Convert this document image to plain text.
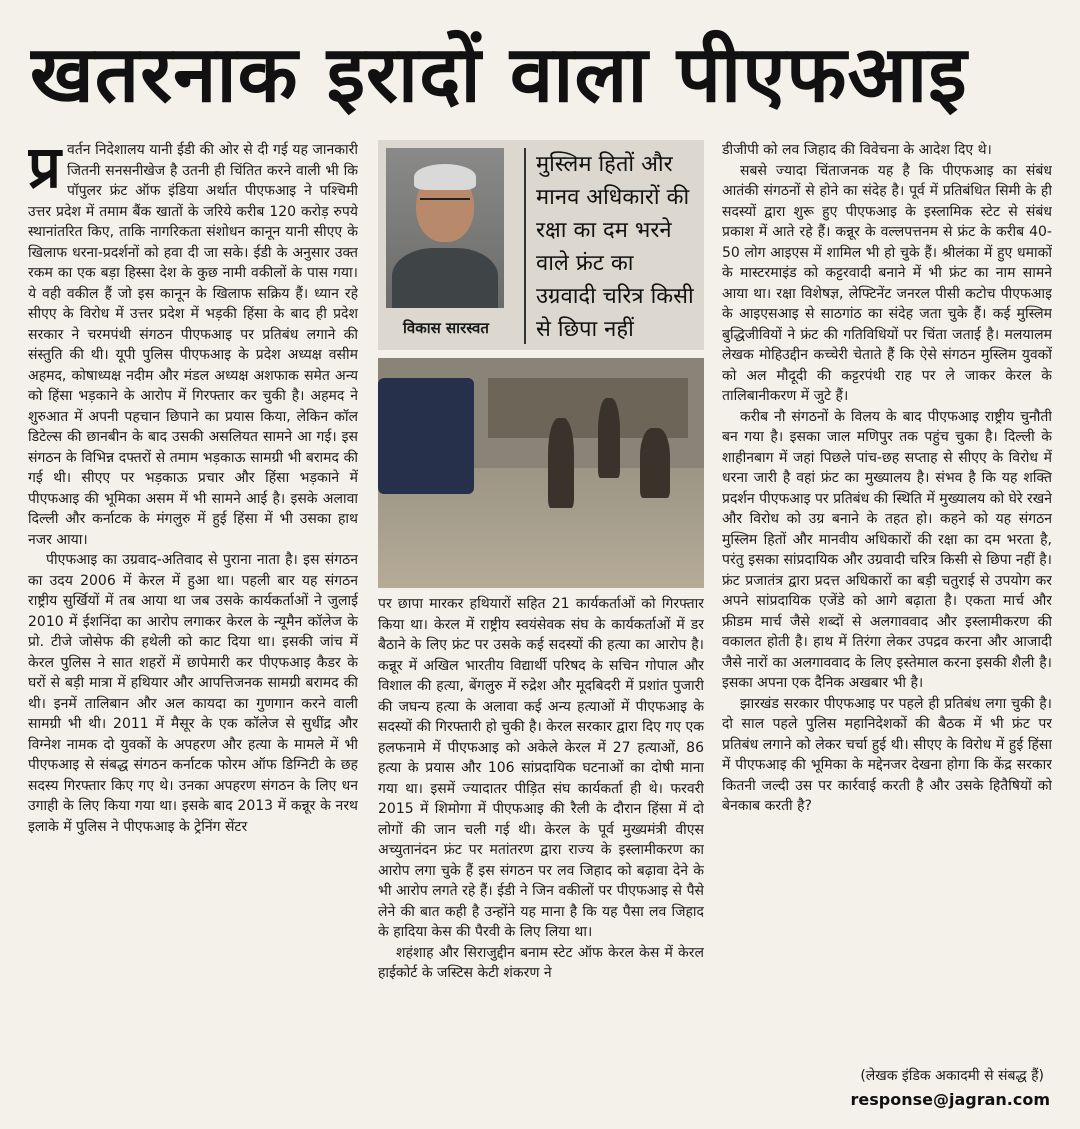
खतरनाक इरादों वाला पीएफआइ

प्र वर्तन निदेशालय यानी ईडी की ओर से दी गई यह जानकारी जितनी सनसनीखेज है उतनी ही चिंतित करने वाली भी कि पॉपुलर फ्रंट ऑफ इंडिया अर्थात पीएफआइ ने पश्चिमी उत्तर प्रदेश में तमाम बैंक खातों के जरिये करीब 120 करोड़ रुपये स्थानांतरित किए, ताकि नागरिकता संशोधन कानून यानी सीएए के खिलाफ धरना-प्रदर्शनों को हवा दी जा सके। ईडी के अनुसार उक्त रकम का एक बड़ा हिस्सा देश के कुछ नामी वकीलों के पास गया। ये वही वकील हैं जो इस कानून के खिलाफ सक्रिय हैं। ध्यान रहे सीएए के विरोध में उत्तर प्रदेश में भड़की हिंसा के बाद ही प्रदेश सरकार ने चरमपंथी संगठन पीएफआइ पर प्रतिबंध लगाने की संस्तुति की थी। यूपी पुलिस पीएफआइ के प्रदेश अध्यक्ष वसीम अहमद, कोषाध्यक्ष नदीम और मंडल अध्यक्ष अशफाक समेत अन्य को हिंसा भड़काने के आरोप में गिरफ्तार कर चुकी है। अहमद ने शुरुआत में अपनी पहचान छिपाने का प्रयास किया, लेकिन कॉल डिटेल्स की छानबीन के बाद उसकी असलियत सामने आ गई। इस संगठन के विभिन्न दफ्तरों से तमाम भड़काऊ सामग्री भी बरामद की गई थी। सीएए पर भड़काऊ प्रचार और हिंसा भड़काने में पीएफआइ की भूमिका असम में भी सामने आई है। इसके अलावा दिल्ली और कर्नाटक के मंगलुरु में हुई हिंसा में भी उसका हाथ नजर आया।

पीएफआइ का उग्रवाद-अतिवाद से पुराना नाता है। इस संगठन का उदय 2006 में केरल में हुआ था। पहली बार यह संगठन राष्ट्रीय सुर्खियों में तब आया था जब उसके कार्यकर्ताओं ने जुलाई 2010 में ईशनिंदा का आरोप लगाकर केरल के न्यूमैन कॉलेज के प्रो. टीजे जोसेफ की हथेली को काट दिया था। इसकी जांच में केरल पुलिस ने सात शहरों में छापेमारी कर पीएफआइ कैडर के घरों से बड़ी मात्रा में हथियार और आपत्तिजनक सामग्री बरामद की थी। इनमें तालिबान और अल कायदा का गुणगान करने वाली सामग्री भी थी। 2011 में मैसूर के एक कॉलेज से सुधींद्र और विग्नेश नामक दो युवकों के अपहरण और हत्या के मामले में भी पीएफआइ से संबद्ध संगठन कर्नाटक फोरम ऑफ डिग्निटी के छह सदस्य गिरफ्तार किए गए थे। उनका अपहरण संगठन के लिए धन उगाही के लिए किया गया था। इसके बाद 2013 में कन्नूर के नरथ इलाके में पुलिस ने पीएफआइ के ट्रेनिंग सेंटर

विकास सारस्वत
मुस्लिम हितों और मानव अधिकारों की रक्षा का दम भरने वाले फ्रंट का उग्रवादी चरित्र किसी से छिपा नहीं

पर छापा मारकर हथियारों सहित 21 कार्यकर्ताओं को गिरफ्तार किया था। केरल में राष्ट्रीय स्वयंसेवक संघ के कार्यकर्ताओं में डर बैठाने के लिए फ्रंट पर उसके कई सदस्यों की हत्या का आरोप है। कन्नूर में अखिल भारतीय विद्यार्थी परिषद के सचिन गोपाल और विशाल की हत्या, बेंगलुरु में रुद्रेश और मूदबिदरी में प्रशांत पुजारी की जघन्य हत्या के अलावा कई अन्य हत्याओं में पीएफआइ के सदस्यों की गिरफ्तारी हो चुकी है। केरल सरकार द्वारा दिए गए एक हलफनामे में पीएफआइ को अकेले केरल में 27 हत्याओं, 86 हत्या के प्रयास और 106 सांप्रदायिक घटनाओं का दोषी माना गया था। इसमें ज्यादातर पीड़ित संघ कार्यकर्ता ही थे। फरवरी 2015 में शिमोगा में पीएफआइ की रैली के दौरान हिंसा में दो लोगों की जान चली गई थी। केरल के पूर्व मुख्यमंत्री वीएस अच्युतानंदन फ्रंट पर मतांतरण द्वारा राज्य के इस्लामीकरण का आरोप लगा चुके हैं इस संगठन पर लव जिहाद को बढ़ावा देने के भी आरोप लगते रहे हैं। ईडी ने जिन वकीलों पर पीएफआइ से पैसे लेने की बात कही है उन्होंने यह माना है कि यह पैसा लव जिहाद के हादिया केस की पैरवी के लिए लिया था।

शहंशाह और सिराजुद्दीन बनाम स्टेट ऑफ केरल केस में केरल हाईकोर्ट के जस्टिस केटी शंकरण ने

डीजीपी को लव जिहाद की विवेचना के आदेश दिए थे।

सबसे ज्यादा चिंताजनक यह है कि पीएफआइ का संबंध आतंकी संगठनों से होने का संदेह है। पूर्व में प्रतिबंधित सिमी के ही सदस्यों द्वारा शुरू हुए पीएफआइ के इस्लामिक स्टेट से संबंध प्रकाश में आते रहे हैं। कन्नूर के वल्लपत्तनम से फ्रंट के करीब 40-50 लोग आइएस में शामिल भी हो चुके हैं। श्रीलंका में हुए धमाकों के मास्टरमाइंड को कट्टरवादी बनाने में भी फ्रंट का नाम सामने आया था। रक्षा विशेषज्ञ, लेफ्टिनेंट जनरल पीसी कटोच पीएफआइ के आइएसआइ से साठगांठ का संदेह जता चुके हैं। कई मुस्लिम बुद्धिजीवियों ने फ्रंट की गतिविधियों पर चिंता जताई है। मलयालम लेखक मोहिउद्दीन कच्चेरी चेताते हैं कि ऐसे संगठन मुस्लिम युवकों को अल मौदूदी की कट्टरपंथी राह पर ले जाकर केरल के तालिबानीकरण में जुटे हैं।

करीब नौ संगठनों के विलय के बाद पीएफआइ राष्ट्रीय चुनौती बन गया है। इसका जाल मणिपुर तक पहुंच चुका है। दिल्ली के शाहीनबाग में जहां पिछले पांच-छह सप्ताह से सीएए के विरोध में धरना जारी है वहां फ्रंट का मुख्यालय है। संभव है कि यह शक्ति प्रदर्शन पीएफआइ पर प्रतिबंध की स्थिति में मुख्यालय को घेरे रखने और विरोध को उग्र बनाने के तहत हो। कहने को यह संगठन मुस्लिम हितों और मानवीय अधिकारों की रक्षा का दम भरता है, परंतु इसका सांप्रदायिक और उग्रवादी चरित्र किसी से छिपा नहीं है। फ्रंट प्रजातंत्र द्वारा प्रदत्त अधिकारों का बड़ी चतुराई से उपयोग कर अपने सांप्रदायिक एजेंडे को आगे बढ़ाता है। एकता मार्च और फ्रीडम मार्च जैसे शब्दों से अलगाववाद और इस्लामीकरण की वकालत होती है। हाथ में तिरंगा लेकर उपद्रव करना और आजादी जैसे नारों का अलगाववाद के लिए इस्तेमाल करना इसकी शैली है। इसका अपना एक दैनिक अखबार भी है।

झारखंड सरकार पीएफआइ पर पहले ही प्रतिबंध लगा चुकी है। दो साल पहले पुलिस महानिदेशकों की बैठक में भी फ्रंट पर प्रतिबंध लगाने को लेकर चर्चा हुई थी। सीएए के विरोध में हुई हिंसा में पीएफआइ की भूमिका के मद्देनजर देखना होगा कि केंद्र सरकार कितनी जल्दी उस पर कार्रवाई करती है और उसके हितैषियों को बेनकाब करती है?

(लेखक इंडिक अकादमी से संबद्ध हैं)
response@jagran.com
